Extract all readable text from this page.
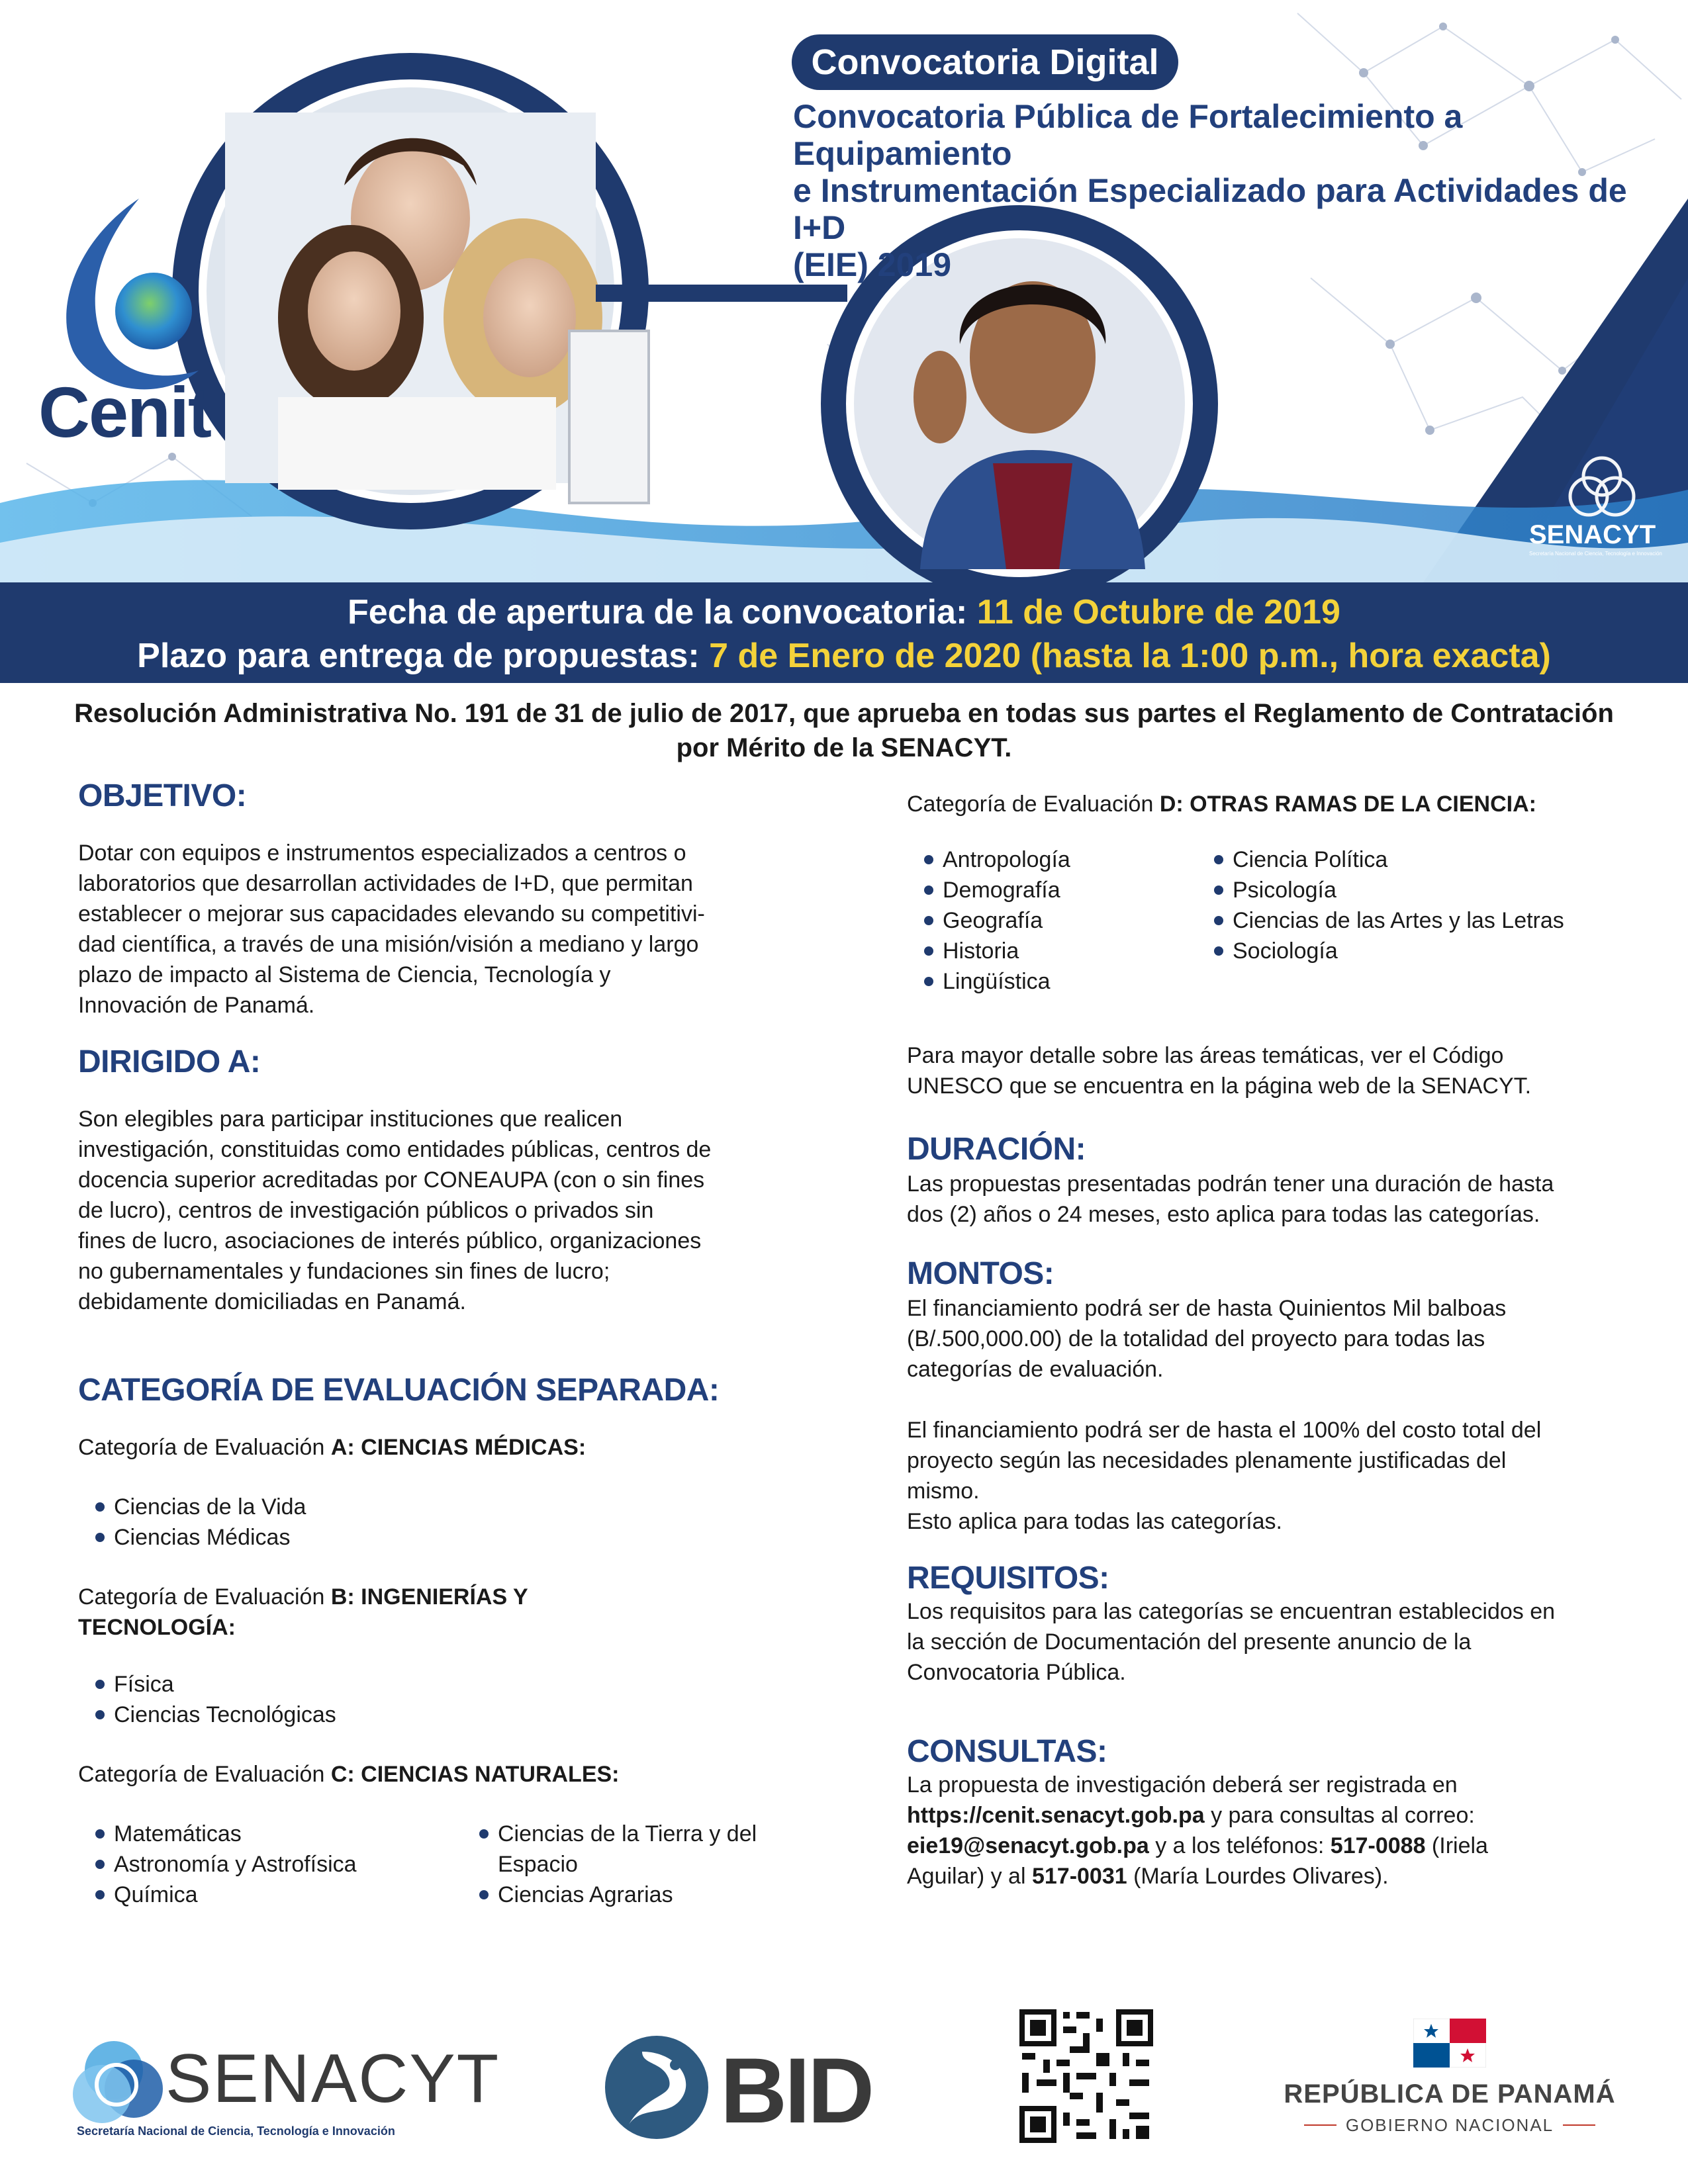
Convocatoria Digital
Convocatoria Pública de Fortalecimiento a Equipamiento
e Instrumentación Especializado para Actividades de I+D
(EIE) 2019
Cenit
SENACYT
Secretaría Nacional de Ciencia, Tecnología e Innovación
Fecha de apertura de la convocatoria: 11 de Octubre de 2019
Plazo para entrega de propuestas: 7 de Enero de 2020 (hasta la 1:00 p.m., hora exacta)
Resolución Administrativa No. 191 de 31 de julio de 2017, que aprueba en todas sus partes el Reglamento de Contratación por Mérito de la SENACYT.
OBJETIVO:
Dotar con equipos e instrumentos especializados a centros o
laboratorios que desarrollan actividades de I+D, que permitan
establecer o mejorar sus capacidades elevando su competitivi-
dad científica, a través de una misión/visión a mediano y largo
plazo de impacto al Sistema de Ciencia, Tecnología y
Innovación de Panamá.
DIRIGIDO A:
Son elegibles para participar instituciones que realicen
investigación, constituidas como entidades públicas, centros de
docencia superior acreditadas por CONEAUPA (con o sin fines
de lucro), centros de investigación públicos o privados sin
fines de lucro, asociaciones de interés público, organizaciones
no gubernamentales y fundaciones sin fines de lucro;
debidamente domiciliadas en Panamá.
CATEGORÍA DE EVALUACIÓN SEPARADA:
Categoría de Evaluación A: CIENCIAS MÉDICAS:
Ciencias de la Vida
Ciencias Médicas
Categoría de Evaluación B: INGENIERÍAS Y
TECNOLOGÍA:
Física
Ciencias Tecnológicas
Categoría de Evaluación C: CIENCIAS NATURALES:
Matemáticas
Astronomía y Astrofísica
Química
Ciencias de la Tierra y del
Espacio
Ciencias Agrarias
Categoría de Evaluación D: OTRAS RAMAS DE LA CIENCIA:
Antropología
Demografía
Geografía
Historia
Lingüística
Ciencia Política
Psicología
Ciencias de las Artes y las Letras
Sociología
Para mayor detalle sobre las áreas temáticas, ver el Código
UNESCO que se encuentra en la página web de la SENACYT.
DURACIÓN:
Las propuestas presentadas podrán tener una duración de hasta
dos (2) años o 24 meses, esto aplica para todas las categorías.
MONTOS:
El financiamiento podrá ser de hasta Quinientos Mil balboas
(B/.500,000.00) de la totalidad del proyecto para todas las
categorías de evaluación.
El financiamiento podrá ser de hasta el 100% del costo total del
proyecto según las necesidades plenamente justificadas del
mismo.
Esto aplica para todas las categorías.
REQUISITOS:
Los requisitos para las categorías se encuentran establecidos en
la sección de Documentación del presente anuncio de la
Convocatoria Pública.
CONSULTAS:
La propuesta de investigación deberá ser registrada en
https://cenit.senacyt.gob.pa y para consultas al correo:
eie19@senacyt.gob.pa y a los teléfonos: 517-0088 (Iriela
Aguilar) y al 517-0031 (María Lourdes Olivares).
SENACYT
Secretaría Nacional de Ciencia, Tecnología e Innovación	BID	REPÚBLICA DE PANAMÁ
GOBIERNO NACIONAL
